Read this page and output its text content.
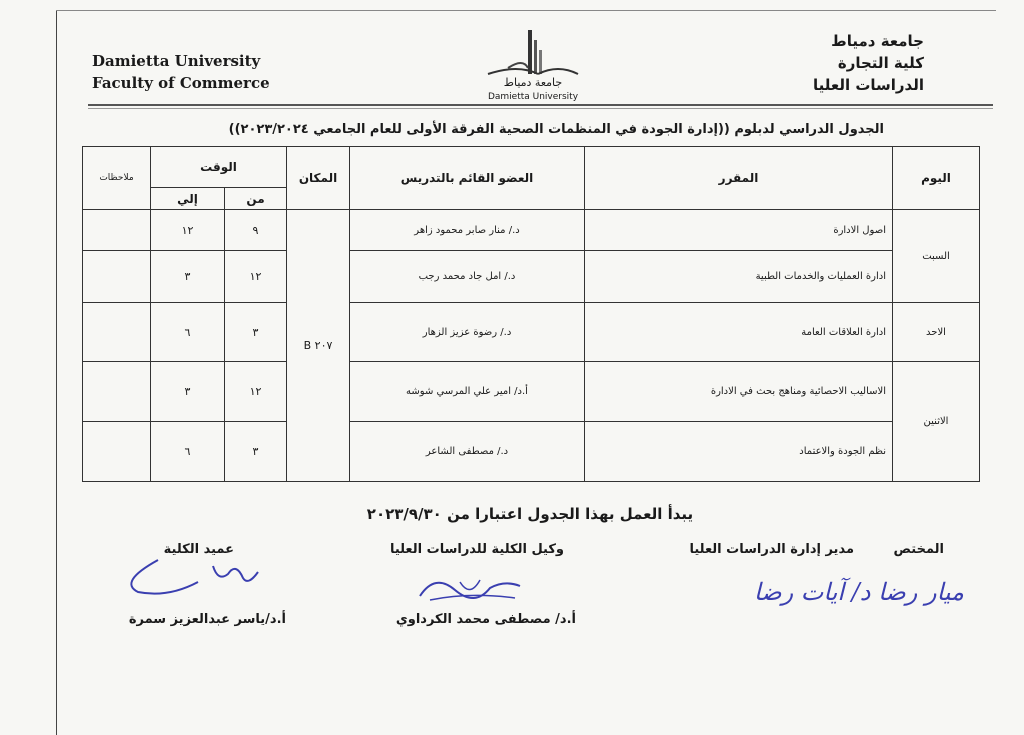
Damietta University
Faculty of Commerce	جامعة دمياط
Damietta University
جامعة دمياط
كلية التجارة
الدراسات العليا
الجدول الدراسي لدبلوم ((إدارة الجودة في المنظمات الصحية الفرقة الأولى للعام الجامعي ٢٠٢٣/٢٠٢٤))
اليوم
المقرر
العضو القائم بالتدريس
المكان
الوقت
من
إلي
ملاحظات
السبت
الاحد
الاثنين
٢٠٧ B
اصول الادارة
د./ منار صابر محمود زاهر
٩
١٢
ادارة العمليات والخدمات الطبية
د./ امل جاد محمد رجب
١٢
٣
ادارة العلاقات العامة
د./ رضوة عزيز الزهار
٣
٦
الاساليب الاحصائية ومناهج بحث في الادارة
أ.د/ امير علي المرسي شوشه
١٢
٣
نظم الجودة والاعتماد
د./ مصطفى الشاعر
٣
٦
يبدأ العمل بهذا الجدول اعتبارا من ٢٠٢٣/٩/٣٠
المختص
مدير إدارة الدراسات العليا
وكيل الكلية للدراسات العليا
عميد الكلية
ميار رضا د/ آيات رضا
أ.د/ مصطفى محمد الكرداوي
أ.د/ياسر عبدالعزيز سمرة
